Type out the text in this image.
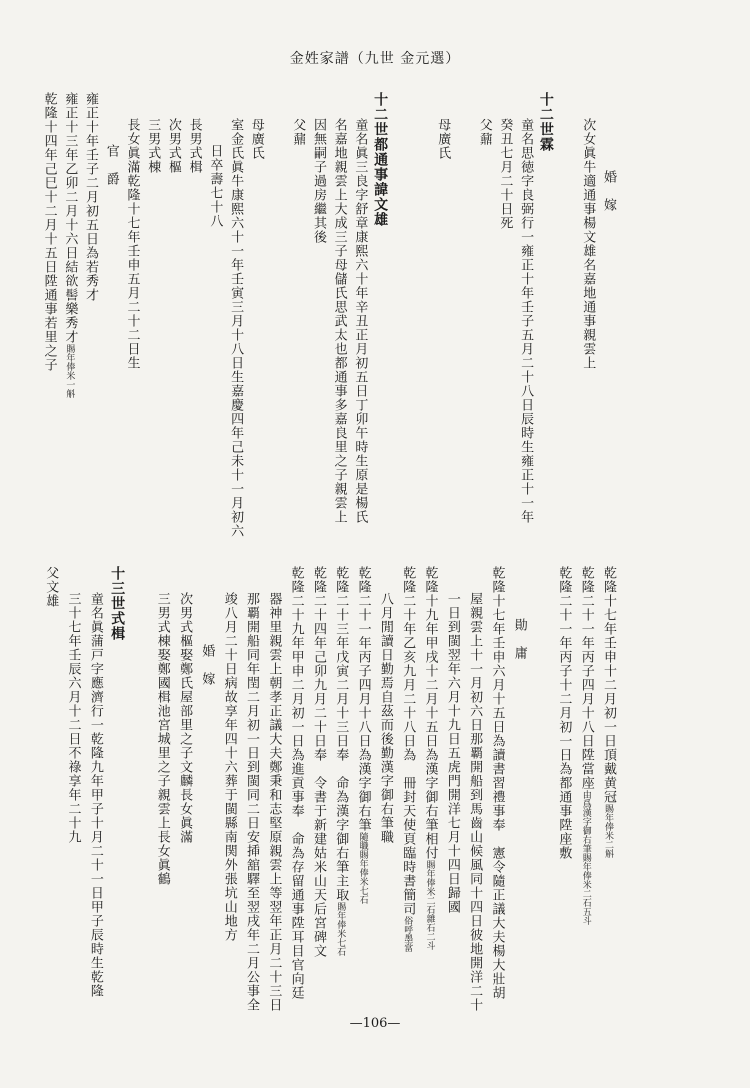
金姓家譜（九世 金元選）
婚　嫁
次女眞牛適通事楊文雄名嘉地通事親雲上
十二世霖
童名思徳字良弼行一雍正十年壬子五月二十八日辰時生雍正十一年
癸丑七月二十日死
父鼐
母廣氏
十二世都通事諱文雄
童名眞三良字舒章康熙六十年辛丑正月初五日丁卯午時生原是楊氏
名嘉地親雲上大成三子母儲氏思武太也都通事多嘉良里之子親雲上
因無嗣子過房繼其後
父鼐
母廣氏
室金氏眞牛康熙六十一年壬寅三月十八日生嘉慶四年己未十一月初六
日卒壽七十八
長男式楫
次男式樞
三男式棟
長女眞滿乾隆十七年壬申五月二十二日生
官　爵
雍正十年壬子二月初五日為若秀才
雍正十三年乙卯二月十六日結欲髻樂秀才賜年俸米一斛
乾隆十四年己巳十二月十五日陞通事若里之子
乾隆十七年壬申十二月初一日頂戴黄冠賜年俸米二斛
乾隆二十一年丙子四月十八日陞當座由爲漢字御右筆賜年俸米二石五斗
乾隆二十一年丙子十二月初一日為都通事陞座敷
勛　庸
乾隆十七年壬申六月十五日為讀書習禮事奉　憲令隨正議大夫楊大壯胡
屋親雲上十一月初六日那覇開船到馬齒山候風同十四日彼地開洋二十
一日到閩翌年六月十九日五虎門開洋七月十四日歸國
乾隆十九年甲戌十二月十五日為漢字御右筆相付賜年俸米二石雜石二斗
乾隆二十年乙亥九月二十八日為　冊封天使頁臨時書簡司俗呼墨當
八月閒讀日勤焉自茲而後勤漢字御右筆職
乾隆二十一年丙子四月十八日為漢字御右筆隨職賜年俸米七石
乾隆二十三年戊寅二月十三日奉　命為漢字御右筆主取賜年俸米七石
乾隆二十四年己卯九月二十日奉　令書于新建姑米山天后宮碑文
乾隆二十九年甲申二月初一日為進貢事奉　命為存留通事陞耳目官向廷
器神里親雲上朝孝正議大夫鄭秉和志堅原親雲上等翌年正月二十三日
那覇開船同年閏二月初一日到閩同二日安揷舘驛至翌戌年二月公事全
竣八月二十日病故享年四十六葬于閩縣南関外張坑山地方
婚　嫁
次男式樞娶鄭氏屋部里之子文麟長女眞滿
三男式棟娶鄭國楫池宮城里之子親雲上長女眞鶴
十三世式楫
童名眞蒲戸字應濟行一乾隆九年甲子十月二十一日甲子辰時生乾隆
三十七年壬辰六月十二日不祿享年二十九
父文雄
—106—
